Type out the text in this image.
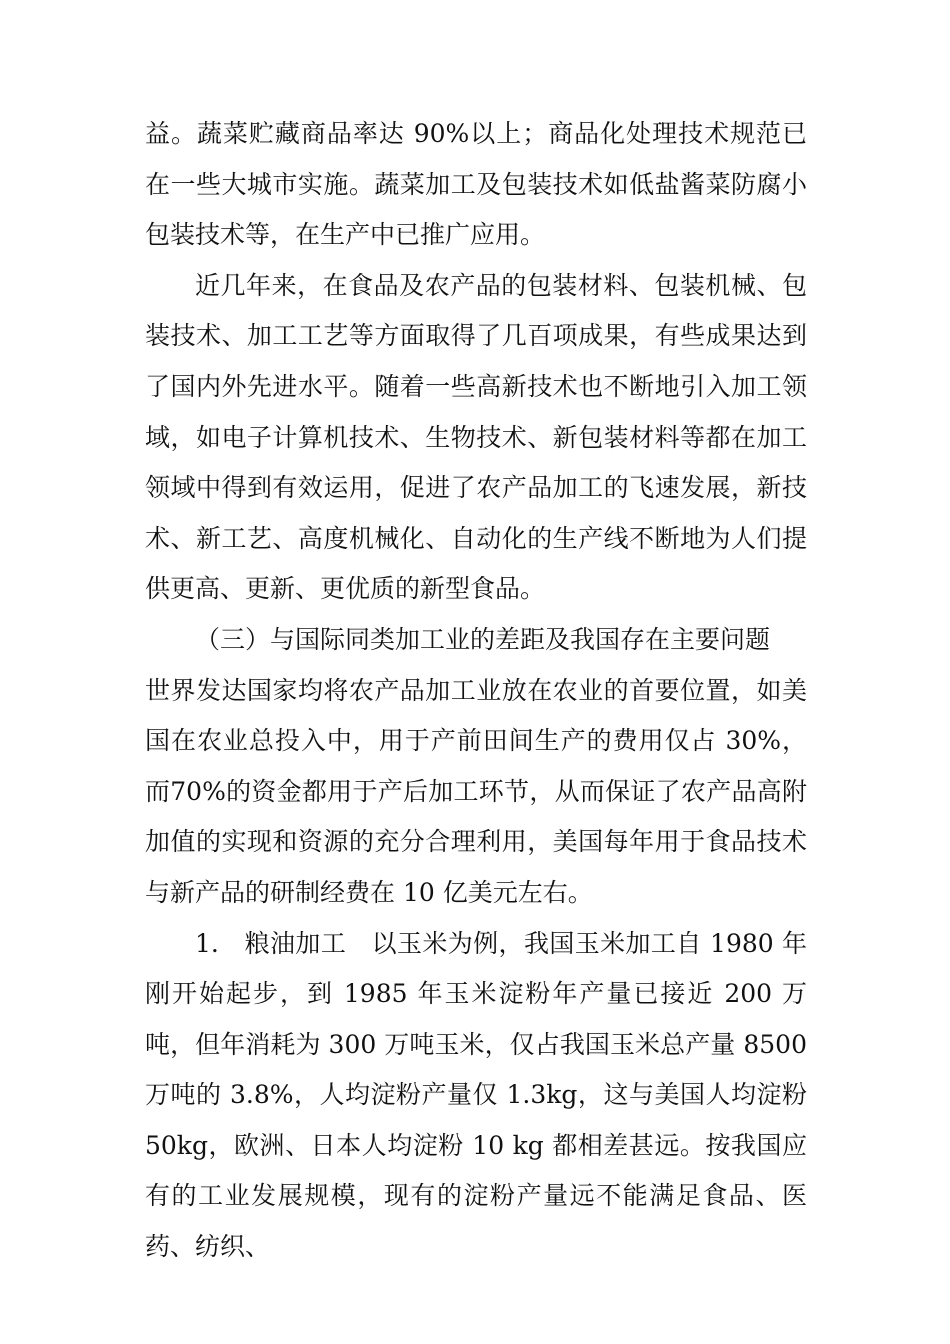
益。蔬菜贮藏商品率达 90%以上；商品化处理技术规范已在一些大城市实施。蔬菜加工及包装技术如低盐酱菜防腐小包装技术等，在生产中已推广应用。

近几年来，在食品及农产品的包装材料、包装机械、包装技术、加工工艺等方面取得了几百项成果，有些成果达到了国内外先进水平。随着一些高新技术也不断地引入加工领域，如电子计算机技术、生物技术、新包装材料等都在加工领域中得到有效运用，促进了农产品加工的飞速发展，新技术、新工艺、高度机械化、自动化的生产线不断地为人们提供更高、更新、更优质的新型食品。

（三）与国际同类加工业的差距及我国存在主要问题

世界发达国家均将农产品加工业放在农业的首要位置，如美国在农业总投入中，用于产前田间生产的费用仅占 30%，而70%的资金都用于产后加工环节，从而保证了农产品高附加值的实现和资源的充分合理利用，美国每年用于食品技术与新产品的研制经费在 10 亿美元左右。

1.　粮油加工　以玉米为例，我国玉米加工自 1980 年刚开始起步，到 1985 年玉米淀粉年产量已接近 200 万吨，但年消耗为 300 万吨玉米，仅占我国玉米总产量 8500 万吨的 3.8%，人均淀粉产量仅 1.3kg，这与美国人均淀粉 50kg，欧洲、日本人均淀粉 10 kg 都相差甚远。按我国应有的工业发展规模，现有的淀粉产量远不能满足食品、医药、纺织、
